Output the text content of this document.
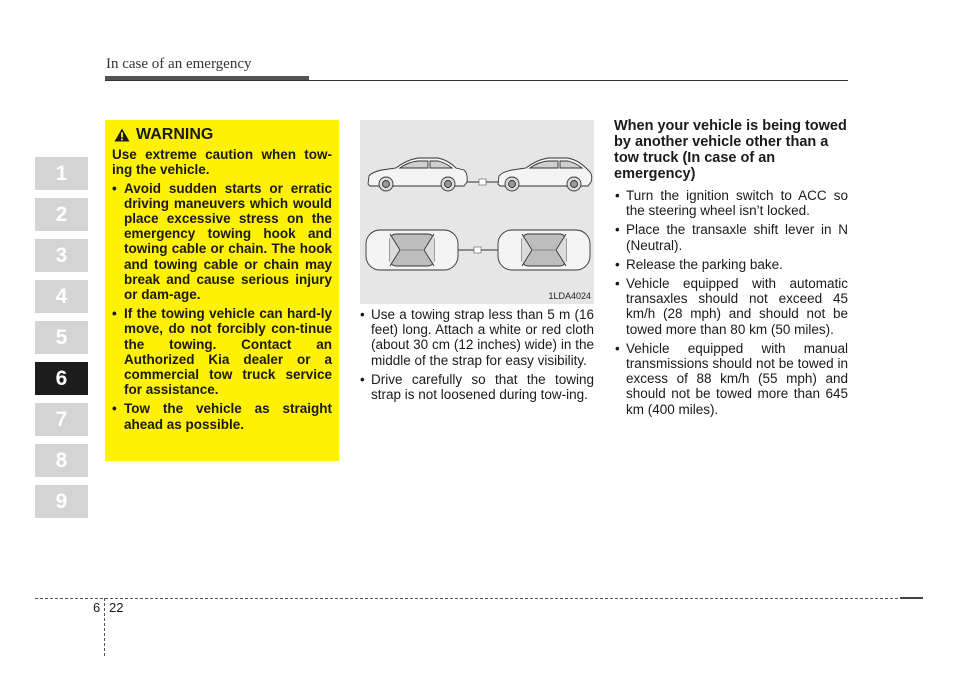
In case of an emergency
1
2
3
4
5
6
7
8
9
WARNING

Use extreme caution when tow-ing the vehicle.

• Avoid sudden starts or erratic driving maneuvers which would place excessive stress on the emergency towing hook and towing cable or chain. The hook and towing cable or chain may break and cause serious injury or dam-age.
• If the towing vehicle can hard-ly move, do not forcibly con-tinue the towing. Contact an Authorized Kia dealer or a commercial tow truck service for assistance.
• Tow the vehicle as straight ahead as possible.
1LDA4024
• Use a towing strap less than 5 m (16 feet) long. Attach a white or red cloth (about 30 cm (12 inches) wide) in the middle of the strap for easy visibility.
• Drive carefully so that the towing strap is not loosened during tow-ing.
When your vehicle is being towed by another vehicle other than a tow truck (In case of an emergency)
• Turn the ignition switch to ACC so the steering wheel isn’t locked.
• Place the transaxle shift lever in N (Neutral).
• Release the parking bake.
• Vehicle equipped with automatic transaxles should not exceed 45 km/h (28 mph) and should not be towed more than 80 km (50 miles).
• Vehicle equipped with manual transmissions should not be towed in excess of 88 km/h (55 mph) and should not be towed more than 645 km (400 miles).
6 22
